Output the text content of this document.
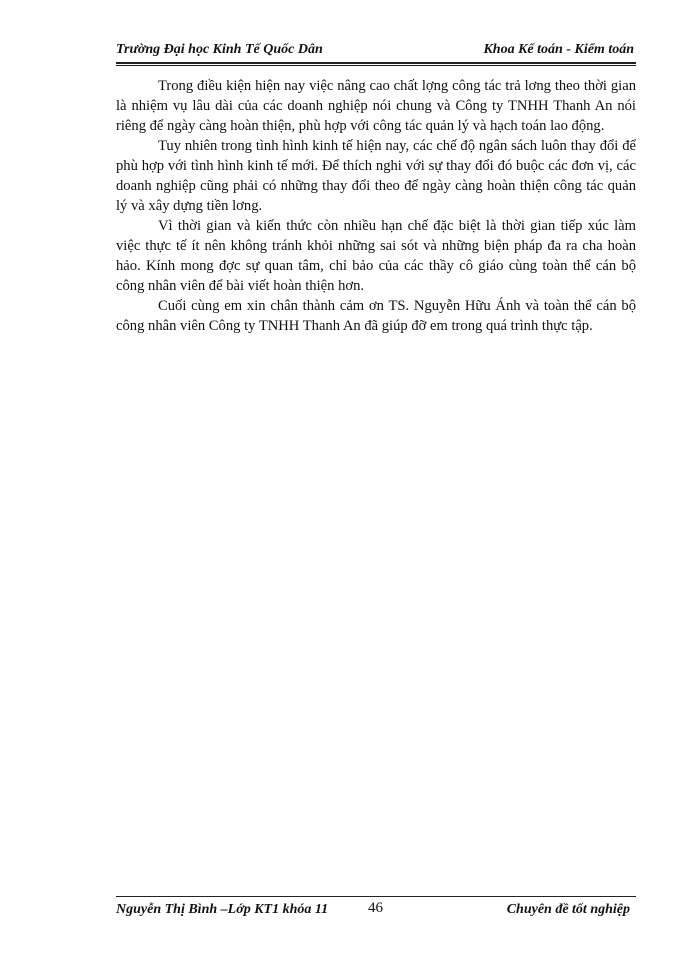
Trường Đại học Kinh Tế Quốc Dân	Khoa Kế toán - Kiểm toán

Trong điều kiện hiện nay việc nâng cao chất lợng công tác trả lơng theo thời gian là nhiệm vụ lâu dài của các doanh nghiệp nói chung và Công ty TNHH Thanh An nói riêng để ngày càng hoàn thiện, phù hợp với công tác quản lý và hạch toán lao động.

Tuy nhiên trong tình hình kinh tế hiện nay, các chế độ ngân sách luôn thay đổi để phù hợp với tình hình kinh tế mới. Để thích nghi với sự thay đổi đó buộc các đơn vị, các doanh nghiệp cũng phải có những thay đổi theo để ngày càng hoàn thiện công tác quản lý và xây dựng tiền lơng.

Vì thời gian và kiến thức còn nhiều hạn chế đặc biệt là thời gian tiếp xúc làm việc thực tế ít nên không tránh khỏi những sai sót và những biện pháp đa ra cha hoàn hảo. Kính mong đợc sự quan tâm, chỉ bảo của các thầy cô giáo cùng toàn thể cán bộ công nhân viên để bài viết hoàn thiện hơn.

Cuối cùng em xin chân thành cảm ơn TS. Nguyễn Hữu Ánh và toàn thể cán bộ công nhân viên Công ty TNHH Thanh An đã giúp đỡ em trong quá trình thực tập.

Nguyễn Thị Bình –Lớp KT1 khóa 11	46	Chuyên đề tốt nghiệp
